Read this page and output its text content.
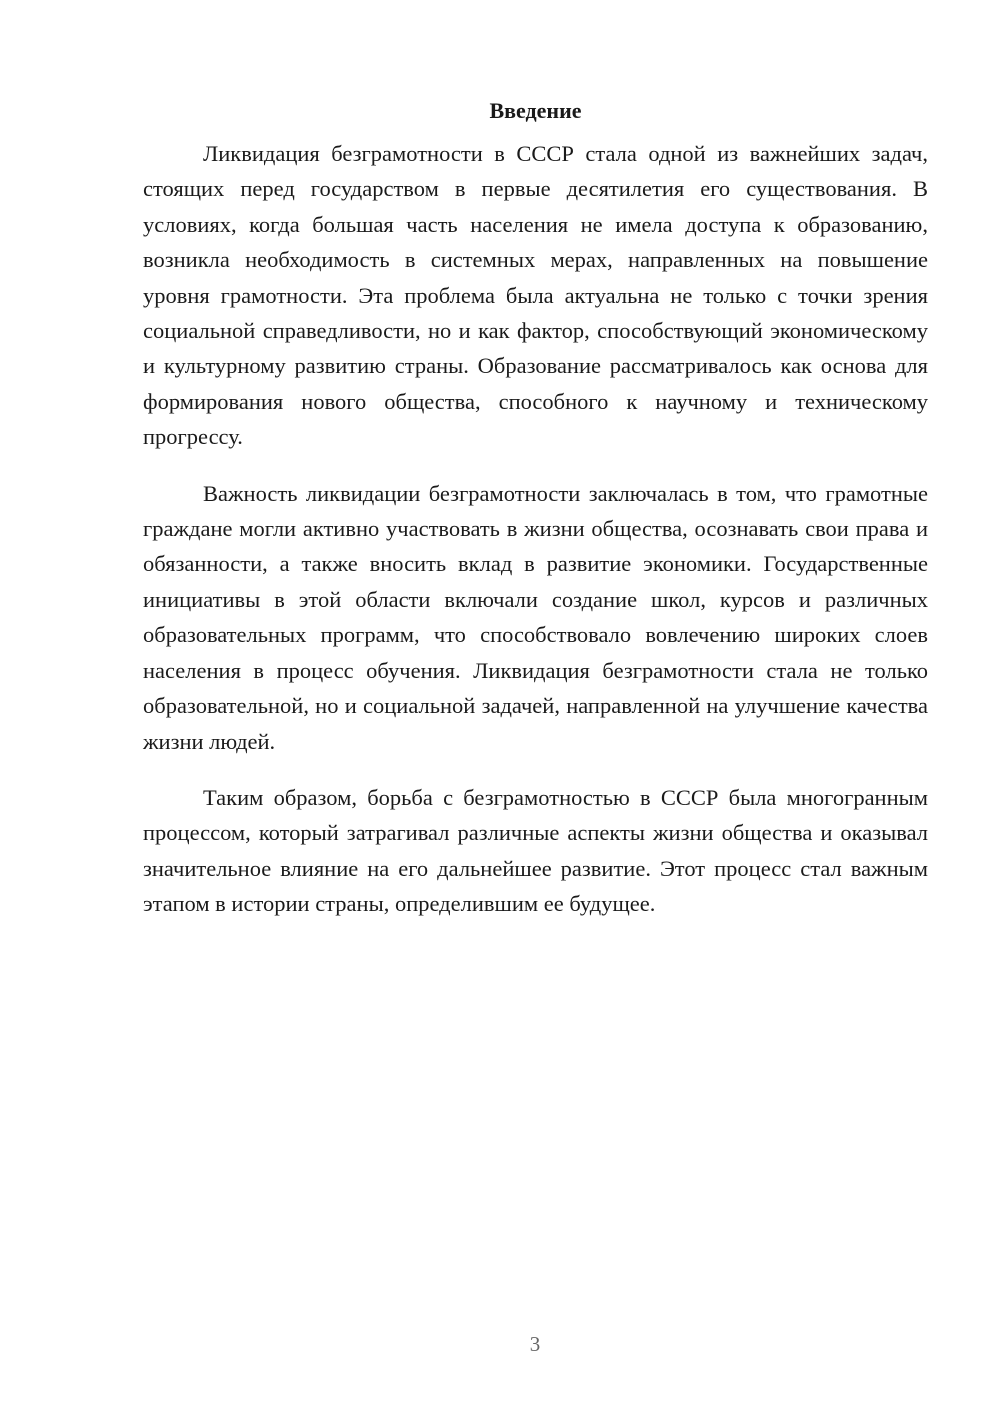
Введение

Ликвидация безграмотности в СССР стала одной из важнейших задач, стоящих перед государством в первые десятилетия его существования. В условиях, когда большая часть населения не имела доступа к образованию, возникла необходимость в системных мерах, направленных на повышение уровня грамотности. Эта проблема была актуальна не только с точки зрения социальной справедливости, но и как фактор, способствующий экономическому и культурному развитию страны. Образование рассматривалось как основа для формирования нового общества, способного к научному и техническому прогрессу.

Важность ликвидации безграмотности заключалась в том, что грамотные граждане могли активно участвовать в жизни общества, осознавать свои права и обязанности, а также вносить вклад в развитие экономики. Государственные инициативы в этой области включали создание школ, курсов и различных образовательных программ, что способствовало вовлечению широких слоев населения в процесс обучения. Ликвидация безграмотности стала не только образовательной, но и социальной задачей, направленной на улучшение качества жизни людей.

Таким образом, борьба с безграмотностью в СССР была многогранным процессом, который затрагивал различные аспекты жизни общества и оказывал значительное влияние на его дальнейшее развитие. Этот процесс стал важным этапом в истории страны, определившим ее будущее.

3
